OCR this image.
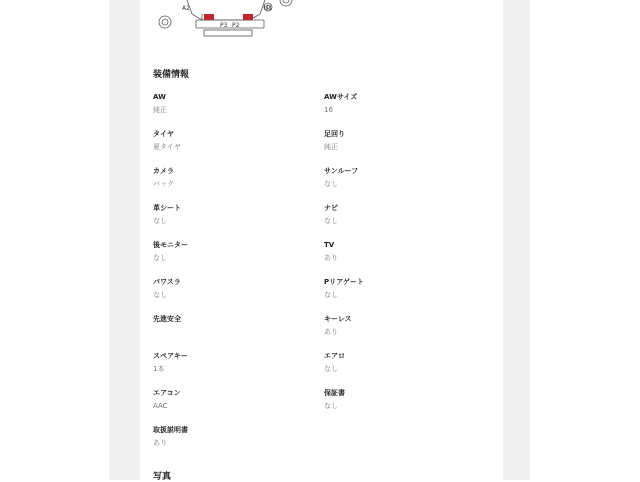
A2	U1
P3 P2
装備情報
AW
純正
AWサイズ
16
タイヤ
夏タイヤ
足回り
純正
カメラ
バック
サンルーフ
なし
革シート
なし
ナビ
なし
後モニター
なし
TV
あり
パワスラ
なし
Pリアゲート
なし
先進安全	キーレス
あり
スペアキー
1本
エアロ
なし
エアコン
AAC
保証書
なし
取扱説明書
あり
写真
